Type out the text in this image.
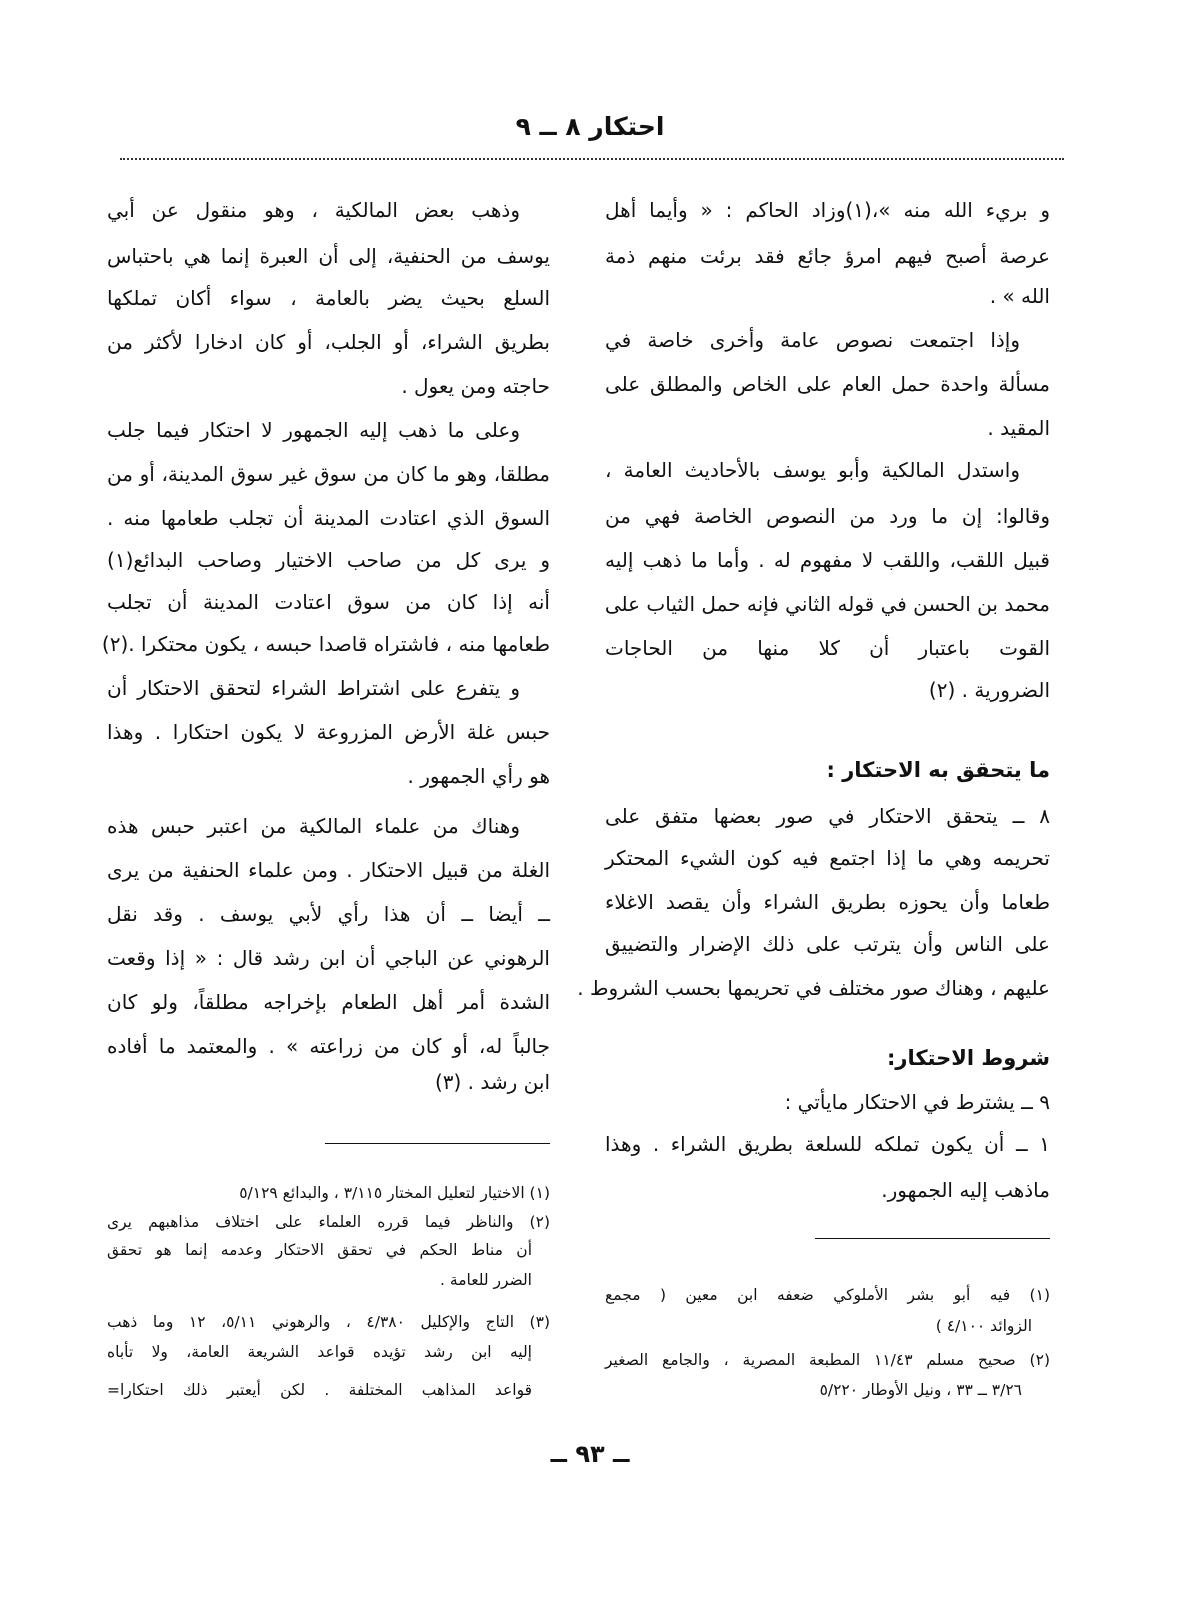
احتكار ٨ ــ ٩
و بريء الله منه »،(١)وزاد الحاكم : « وأيما أهل
عرصة أصبح فيهم امرؤ جائع فقد برئت منهم ذمة
الله » .
وإذا اجتمعت نصوص عامة وأخرى خاصة في
مسألة واحدة حمل العام على الخاص والمطلق على
المقيد .
واستدل المالكية وأبو يوسف بالأحاديث العامة ،
وقالوا: إن ما ورد من النصوص الخاصة فهي من
قبيل اللقب، واللقب لا مفهوم له . وأما ما ذهب إليه
محمد بن الحسن في قوله الثاني فإنه حمل الثياب على
القوت باعتبار أن كلا منها من الحاجات
الضرورية . (٢)
ما يتحقق به الاحتكار :
٨ ــ يتحقق الاحتكار في صور بعضها متفق على
تحريمه وهي ما إذا اجتمع فيه كون الشيء المحتكر
طعاما وأن يحوزه بطريق الشراء وأن يقصد الاغلاء
على الناس وأن يترتب على ذلك الإضرار والتضييق
عليهم ، وهناك صور مختلف في تحريمها بحسب الشروط .
شروط الاحتكار:
٩ ــ يشترط في الاحتكار مايأتي :
١ ــ أن يكون تملكه للسلعة بطريق الشراء . وهذا
ماذهب إليه الجمهور.
(١) فيه أبو بشر الأملوكي ضعفه ابن معين ( مجمع
الزوائد ٤/١٠٠ )
(٢) صحيح مسلم ١١/٤٣ المطبعة المصرية ، والجامع الصغير
٣/٢٦ ــ ٣٣ ، ونيل الأوطار ٥/٢٢٠
وذهب بعض المالكية ، وهو منقول عن أبي
يوسف من الحنفية، إلى أن العبرة إنما هي باحتباس
السلع بحيث يضر بالعامة ، سواء أكان تملكها
بطريق الشراء، أو الجلب، أو كان ادخارا لأكثر من
حاجته ومن يعول .
وعلى ما ذهب إليه الجمهور لا احتكار فيما جلب
مطلقا، وهو ما كان من سوق غير سوق المدينة، أو من
السوق الذي اعتادت المدينة أن تجلب طعامها منه .
و يرى كل من صاحب الاختيار وصاحب البدائع(١)
أنه إذا كان من سوق اعتادت المدينة أن تجلب
طعامها منه ، فاشتراه قاصدا حبسه ، يكون محتكرا .(٢)
و يتفرع على اشتراط الشراء لتحقق الاحتكار أن
حبس غلة الأرض المزروعة لا يكون احتكارا . وهذا
هو رأي الجمهور .
وهناك من علماء المالكية من اعتبر حبس هذه
الغلة من قبيل الاحتكار . ومن علماء الحنفية من يرى
ــ أيضا ــ أن هذا رأي لأبي يوسف . وقد نقل
الرهوني عن الباجي أن ابن رشد قال : « إذا وقعت
الشدة أمر أهل الطعام بإخراجه مطلقاً، ولو كان
جالباً له، أو كان من زراعته » . والمعتمد ما أفاده
ابن رشد . (٣)
(١) الاختيار لتعليل المختار ٣/١١٥ ، والبدائع ٥/١٢٩
(٢) والناظر فيما قرره العلماء على اختلاف مذاهبهم يرى
أن مناط الحكم في تحقق الاحتكار وعدمه إنما هو تحقق
الضرر للعامة .
(٣) التاج والإكليل ٤/٣٨٠ ، والرهوني ٥/١١، ١٢ وما ذهب
إليه ابن رشد تؤيده قواعد الشريعة العامة، ولا تأباه
قواعد المذاهب المختلفة . لكن أيعتبر ذلك احتكارا=
ــ ٩٣ ــ
